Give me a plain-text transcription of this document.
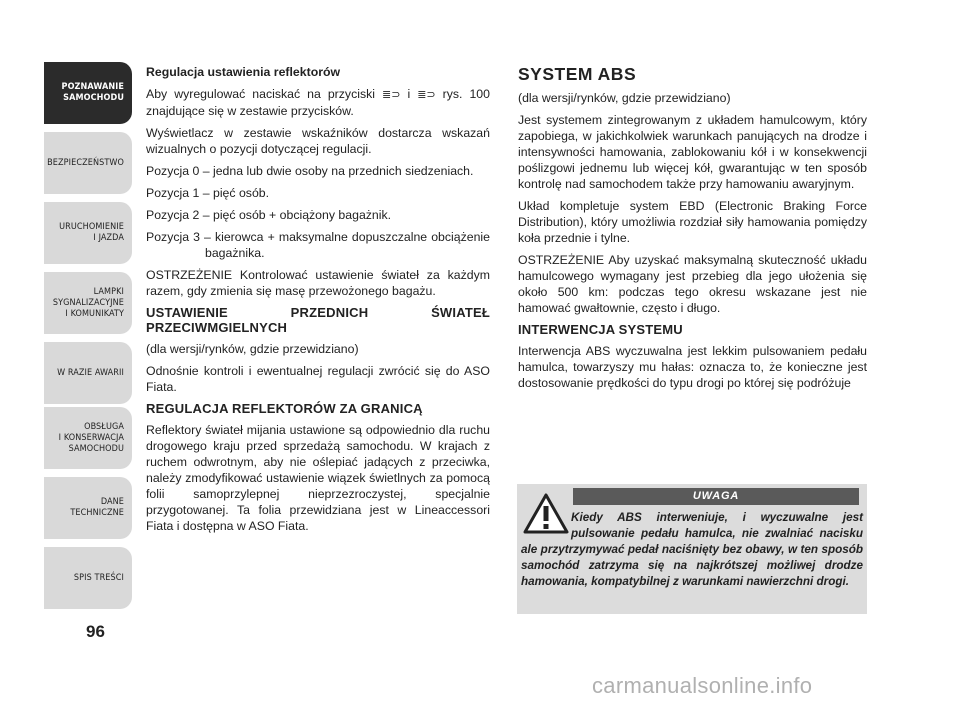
POZNAWANIE
SAMOCHODU
BEZPIECZEŃSTWO
URUCHOMIENIE
I JAZDA
LAMPKI
SYGNALIZACYJNE
I KOMUNIKATY
W RAZIE AWARII
OBSŁUGA
I KONSERWACJA
SAMOCHODU
DANE
TECHNICZNE
SPIS TREŚCI
96

Regulacja ustawienia reflektorów

Aby wyregulować naciskać na przyciski ≣⊃ i ≣⊃ rys. 100 znajdujące się w zestawie przycisków.

Wyświetlacz w zestawie wskaźników dostarcza wskazań wizualnych o pozycji dotyczącej regulacji.

Pozycja 0 – jedna lub dwie osoby na przednich siedzeniach.

Pozycja 1 – pięć osób.

Pozycja 2 – pięć osób + obciążony bagażnik.

Pozycja 3 – kierowca + maksymalne dopuszczalne obciążenie bagażnika.

OSTRZEŻENIE Kontrolować ustawienie świateł za każdym razem, gdy zmienia się masę przewożonego bagażu.

USTAWIENIE PRZEDNICH ŚWIATEŁ PRZECIWMGIELNYCH

(dla wersji/rynków, gdzie przewidziano)

Odnośnie kontroli i ewentualnej regulacji zwrócić się do ASO Fiata.

REGULACJA REFLEKTORÓW ZA GRANICĄ

Reflektory świateł mijania ustawione są odpowiednio dla ruchu drogowego kraju przed sprzedażą samochodu. W krajach z ruchem odwrotnym, aby nie oślepiać jadących z przeciwka, należy zmodyfikować ustawienie wiązek świetlnych za pomocą folii samoprzylepnej nieprzezroczystej, specjalnie przygotowanej. Ta folia przewidziana jest w Lineaccessori Fiata i dostępna w ASO Fiata.

SYSTEM ABS

(dla wersji/rynków, gdzie przewidziano)

Jest systemem zintegrowanym z układem hamulcowym, który zapobiega, w jakichkolwiek warunkach panujących na drodze i intensywności hamowania, zablokowaniu kół i w konsekwencji poślizgowi jednemu lub więcej kół, gwarantując w ten sposób kontrolę nad samochodem także przy hamowaniu awaryjnym.

Układ kompletuje system EBD (Electronic Braking Force Distribution), który umożliwia rozdział siły hamowania pomiędzy koła przednie i tylne.

OSTRZEŻENIE Aby uzyskać maksymalną skuteczność układu hamulcowego wymagany jest przebieg dla jego ułożenia się około 500 km: podczas tego okresu wskazane jest nie hamować gwałtownie, często i długo.

INTERWENCJA SYSTEMU

Interwencja ABS wyczuwalna jest lekkim pulsowaniem pedału hamulca, towarzyszy mu hałas: oznacza to, że konieczne jest dostosowanie prędkości do typu drogi po której się podróżuje

UWAGA

Kiedy ABS interweniuje, i wyczuwalne jest pulsowanie pedału hamulca, nie zwalniać nacisku ale przytrzymywać pedał naciśnięty bez obawy, w ten sposób samochód zatrzyma się na najkrótszej możliwej drodze hamowania, kompatybilnej z warunkami nawierzchni drogi.

carmanualsonline.info
